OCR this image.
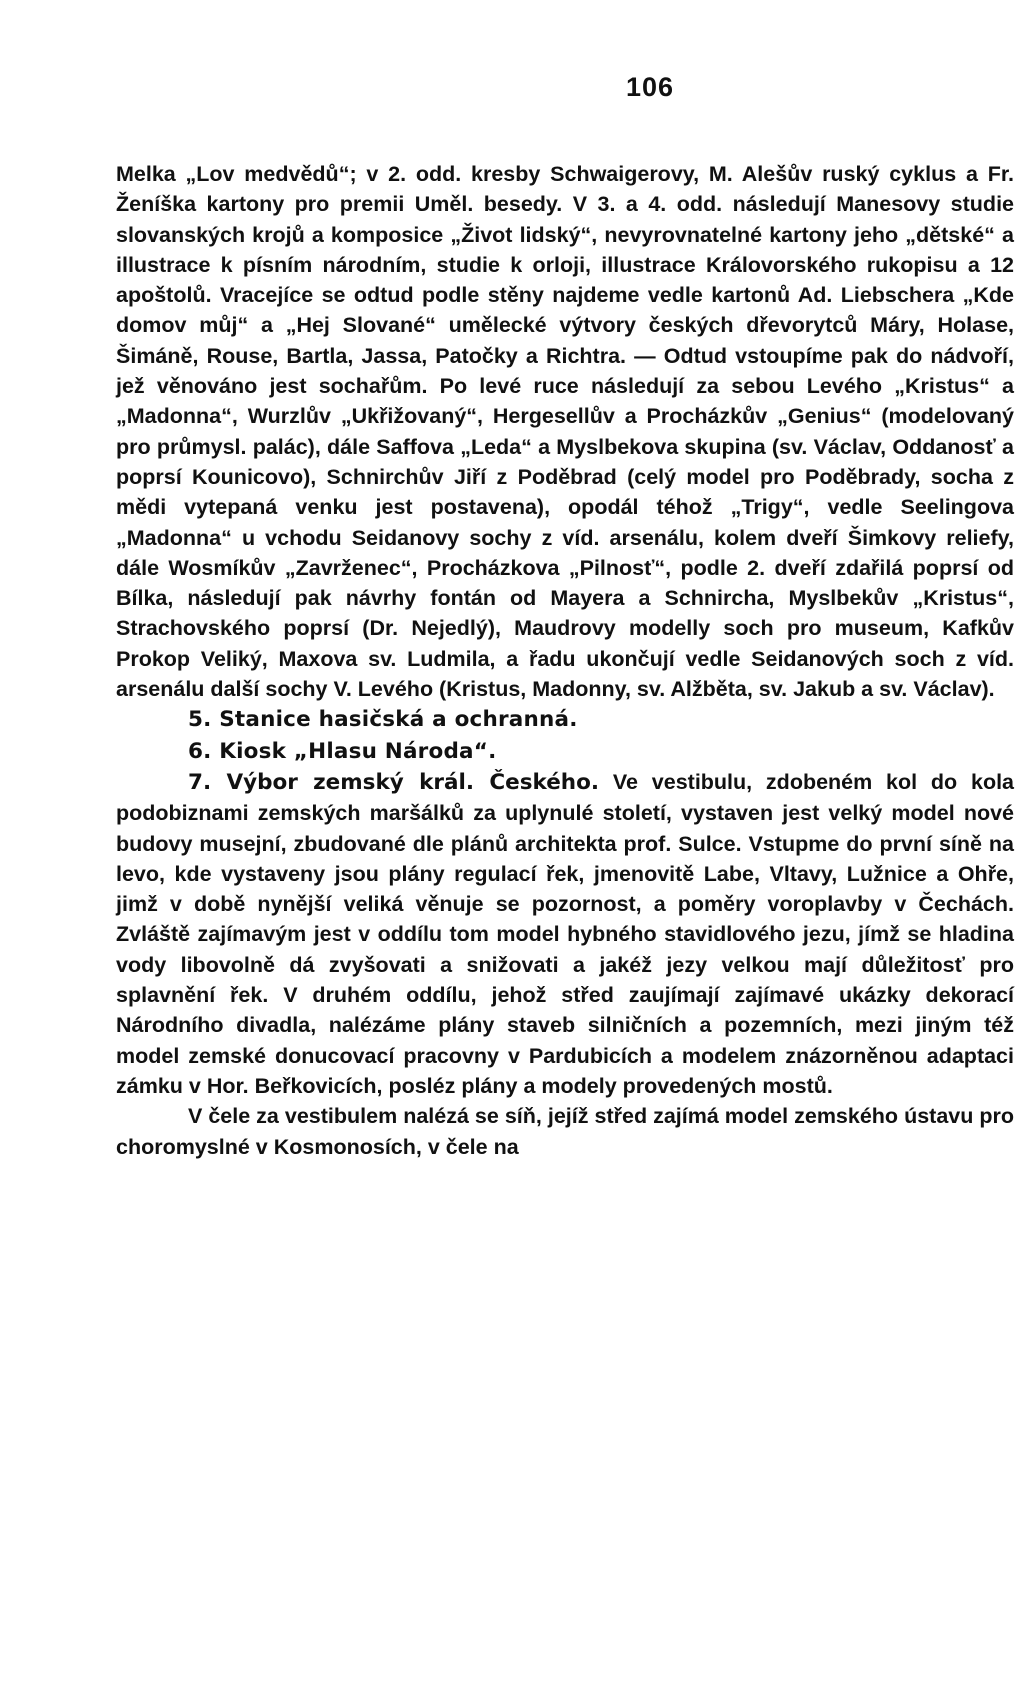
106

Melka „Lov medvědů“; v 2. odd. kresby Schwaigerovy, M. Alešův ruský cyklus a Fr. Ženíška kartony pro premii Uměl. besedy. V 3. a 4. odd. následují Manesovy studie slovanských krojů a komposice „Život lidský“, nevyrovnatelné kartony jeho „dětské“ a illustrace k písním národním, studie k orloji, illustrace Královorského rukopisu a 12 apoštolů. Vracejíce se odtud podle stěny najdeme vedle kartonů Ad. Liebschera „Kde domov můj“ a „Hej Slované“ umělecké výtvory českých dřevorytců Máry, Holase, Šimáně, Rouse, Bartla, Jassa, Patočky a Richtra. — Odtud vstoupíme pak do nádvoří, jež věnováno jest sochařům. Po levé ruce následují za sebou Levého „Kristus“ a „Madonna“, Wurzlův „Ukřižovaný“, Hergesellův a Procházkův „Genius“ (modelovaný pro průmysl. palác), dále Saffova „Leda“ a Myslbekova skupina (sv. Václav, Oddanosť a poprsí Kounicovo), Schnirchův Jiří z Poděbrad (celý model pro Poděbrady, socha z mědi vytepaná venku jest postavena), opodál téhož „Trigy“, vedle Seelingova „Madonna“ u vchodu Seidanovy sochy z víd. arsenálu, kolem dveří Šimkovy reliefy, dále Wosmíkův „Zavrženec“, Procházkova „Pilnosť“, podle 2. dveří zdařilá poprsí od Bílka, následují pak návrhy fontán od Mayera a Schnircha, Myslbekův „Kristus“, Strachovského poprsí (Dr. Nejedlý), Maudrovy modelly soch pro museum, Kafkův Prokop Veliký, Maxova sv. Ludmila, a řadu ukončují vedle Seidanových soch z víd. arsenálu další sochy V. Levého (Kristus, Madonny, sv. Alžběta, sv. Jakub a sv. Václav).

5. Stanice hasičská a ochranná.

6. Kiosk „Hlasu Národa“.

7. Výbor zemský král. Českého. Ve vestibulu, zdobeném kol do kola podobiznami zemských maršálků za uplynulé století, vystaven jest velký model nové budovy musejní, zbudované dle plánů architekta prof. Sulce. Vstupme do první síně na levo, kde vystaveny jsou plány regulací řek, jmenovitě Labe, Vltavy, Lužnice a Ohře, jimž v době nynější veliká věnuje se pozornost, a poměry voroplavby v Čechách. Zvláště zajímavým jest v oddílu tom model hybného stavidlového jezu, jímž se hladina vody libovolně dá zvyšovati a snižovati a jakéž jezy velkou mají důležitosť pro splavnění řek. V druhém oddílu, jehož střed zaujímají zajímavé ukázky dekorací Národního divadla, nalézáme plány staveb silničních a pozemních, mezi jiným též model zemské donucovací pracovny v Pardubicích a modelem znázorněnou adaptaci zámku v Hor. Beřkovicích, posléz plány a modely provedených mostů.

V čele za vestibulem nalézá se síň, jejíž střed zajímá model zemského ústavu pro choromyslné v Kosmonosích, v čele na
